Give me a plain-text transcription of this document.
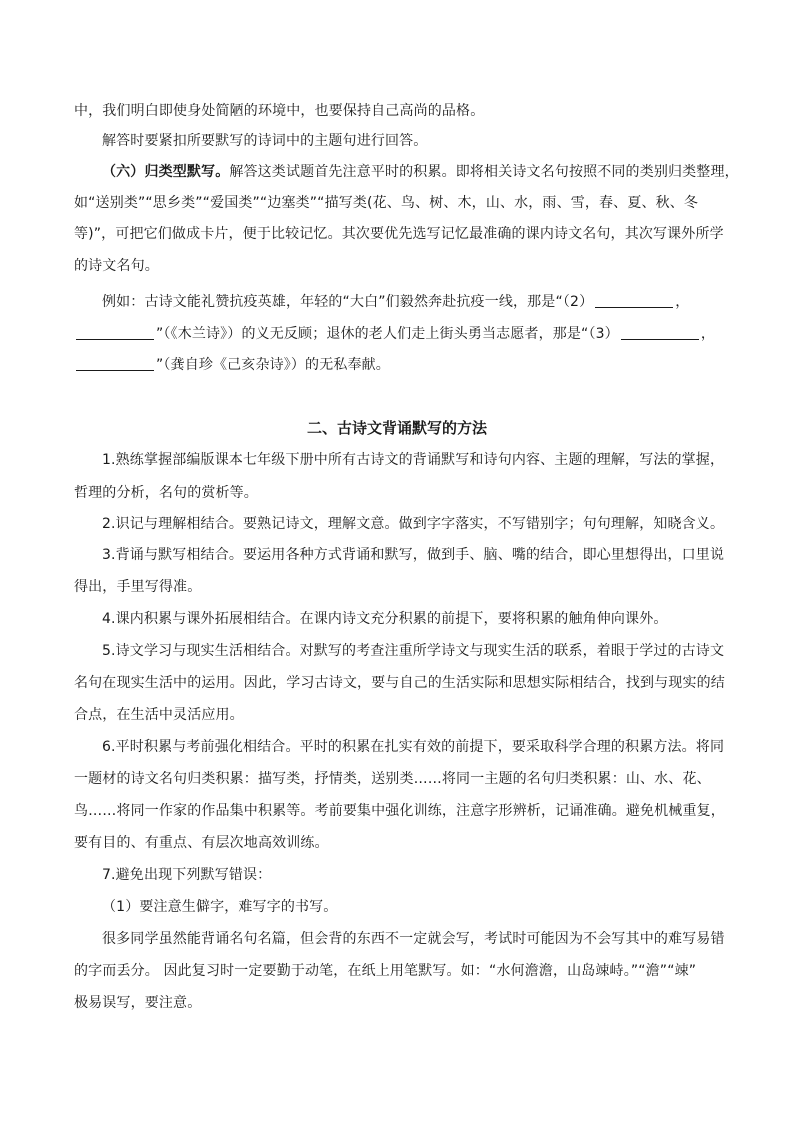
中，我们明白即使身处简陋的环境中，也要保持自己高尚的品格。
解答时要紧扣所要默写的诗词中的主题句进行回答。
（六）归类型默写。解答这类试题首先注意平时的积累。即将相关诗文名句按照不同的类别归类整理，
如“送别类”“思乡类”“爱国类”“边塞类”“描写类(花、鸟、树、木，山、水，雨、雪，春、夏、秋、冬
等)”，可把它们做成卡片，便于比较记忆。其次要优先选写记忆最准确的课内诗文名句，其次写课外所学
的诗文名句。
例如：古诗文能礼赞抗疫英雄，年轻的“大白”们毅然奔赴抗疫一线，那是“（2）	，
”（《木兰诗》）的义无反顾；退休的老人们走上街头勇当志愿者，那是“（3）	，
”（龚自珍《己亥杂诗》）的无私奉献。
二、古诗文背诵默写的方法
1.熟练掌握部编版课本七年级下册中所有古诗文的背诵默写和诗句内容、主题的理解，写法的掌握，
哲理的分析，名句的赏析等。
2.识记与理解相结合。要熟记诗文，理解文意。做到字字落实，不写错别字；句句理解，知晓含义。
3.背诵与默写相结合。要运用各种方式背诵和默写，做到手、脑、嘴的结合，即心里想得出，口里说
得出，手里写得准。
4.课内积累与课外拓展相结合。在课内诗文充分积累的前提下，要将积累的触角伸向课外。
5.诗文学习与现实生活相结合。对默写的考查注重所学诗文与现实生活的联系，着眼于学过的古诗文
名句在现实生活中的运用。因此，学习古诗文，要与自己的生活实际和思想实际相结合，找到与现实的结
合点，在生活中灵活应用。
6.平时积累与考前强化相结合。平时的积累在扎实有效的前提下，要采取科学合理的积累方法。将同
一题材的诗文名句归类积累：描写类，抒情类，送别类……将同一主题的名句归类积累：山、水、花、
鸟……将同一作家的作品集中积累等。考前要集中强化训练，注意字形辨析，记诵准确。避免机械重复，
要有目的、有重点、有层次地高效训练。
7.避免出现下列默写错误：
（1）要注意生僻字，难写字的书写。
很多同学虽然能背诵名句名篇，但会背的东西不一定就会写，考试时可能因为不会写其中的难写易错
的字而丢分。 因此复习时一定要勤于动笔，在纸上用笔默写。如：“水何澹澹，山岛竦峙。”“澹”“竦”
极易误写，要注意。
